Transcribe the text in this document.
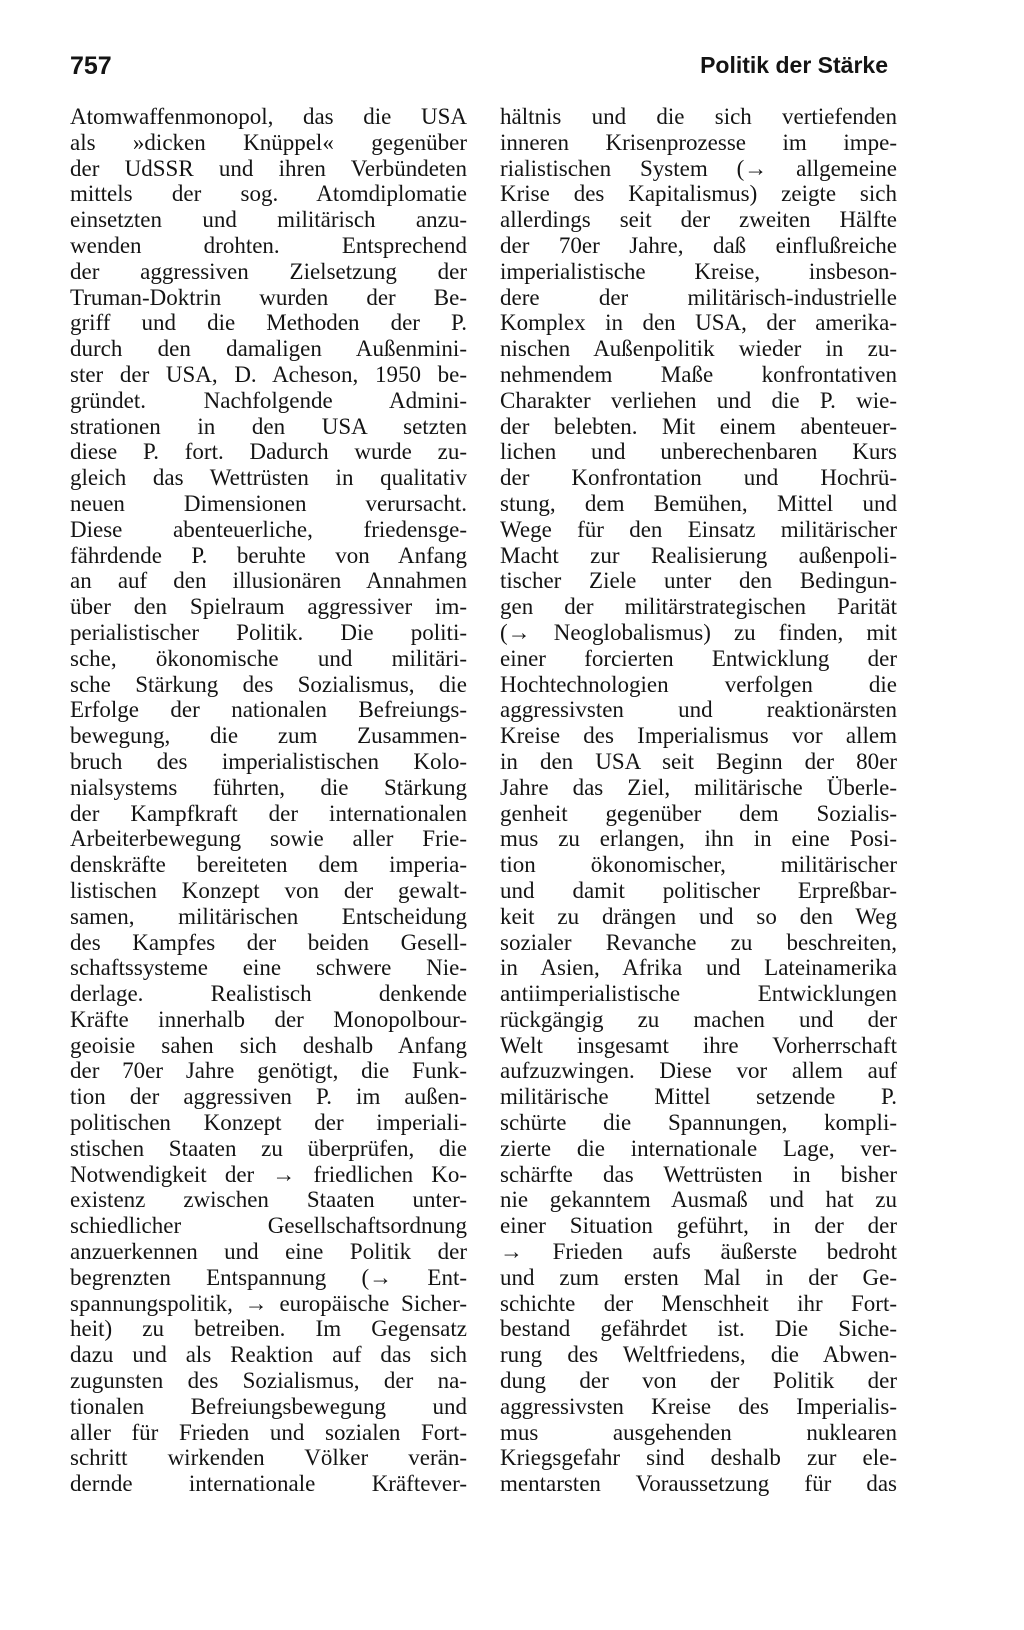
757	Politik der Stärke
Atomwaffenmonopol, das die USA
als »dicken Knüppel« gegenüber
der UdSSR und ihren Verbündeten
mittels der sog. Atomdiplomatie
einsetzten und militärisch anzu-
wenden drohten. Entsprechend
der aggressiven Zielsetzung der
Truman-Doktrin wurden der Be-
griff und die Methoden der P.
durch den damaligen Außenmini-
ster der USA, D. Acheson, 1950 be-
gründet. Nachfolgende Admini-
strationen in den USA setzten
diese P. fort. Dadurch wurde zu-
gleich das Wettrüsten in qualitativ
neuen Dimensionen verursacht.
Diese abenteuerliche, friedensge-
fährdende P. beruhte von Anfang
an auf den illusionären Annahmen
über den Spielraum aggressiver im-
perialistischer Politik. Die politi-
sche, ökonomische und militäri-
sche Stärkung des Sozialismus, die
Erfolge der nationalen Befreiungs-
bewegung, die zum Zusammen-
bruch des imperialistischen Kolo-
nialsystems führten, die Stärkung
der Kampfkraft der internationalen
Arbeiterbewegung sowie aller Frie-
denskräfte bereiteten dem imperia-
listischen Konzept von der gewalt-
samen, militärischen Entscheidung
des Kampfes der beiden Gesell-
schaftssysteme eine schwere Nie-
derlage. Realistisch denkende
Kräfte innerhalb der Monopolbour-
geoisie sahen sich deshalb Anfang
der 70er Jahre genötigt, die Funk-
tion der aggressiven P. im außen-
politischen Konzept der imperiali-
stischen Staaten zu überprüfen, die
Notwendigkeit der → friedlichen Ko-
existenz zwischen Staaten unter-
schiedlicher Gesellschaftsordnung
anzuerkennen und eine Politik der
begrenzten Entspannung (→ Ent-
spannungspolitik, → europäische Sicher-
heit) zu betreiben. Im Gegensatz
dazu und als Reaktion auf das sich
zugunsten des Sozialismus, der na-
tionalen Befreiungsbewegung und
aller für Frieden und sozialen Fort-
schritt wirkenden Völker verän-
dernde internationale Kräftever-
hältnis und die sich vertiefenden
inneren Krisenprozesse im impe-
rialistischen System (→ allgemeine
Krise des Kapitalismus) zeigte sich
allerdings seit der zweiten Hälfte
der 70er Jahre, daß einflußreiche
imperialistische Kreise, insbeson-
dere der militärisch-industrielle
Komplex in den USA, der amerika-
nischen Außenpolitik wieder in zu-
nehmendem Maße konfrontativen
Charakter verliehen und die P. wie-
der belebten. Mit einem abenteuer-
lichen und unberechenbaren Kurs
der Konfrontation und Hochrü-
stung, dem Bemühen, Mittel und
Wege für den Einsatz militärischer
Macht zur Realisierung außenpoli-
tischer Ziele unter den Bedingun-
gen der militärstrategischen Parität
(→ Neoglobalismus) zu finden, mit
einer forcierten Entwicklung der
Hochtechnologien verfolgen die
aggressivsten und reaktionärsten
Kreise des Imperialismus vor allem
in den USA seit Beginn der 80er
Jahre das Ziel, militärische Überle-
genheit gegenüber dem Sozialis-
mus zu erlangen, ihn in eine Posi-
tion ökonomischer, militärischer
und damit politischer Erpreßbar-
keit zu drängen und so den Weg
sozialer Revanche zu beschreiten,
in Asien, Afrika und Lateinamerika
antiimperialistische Entwicklungen
rückgängig zu machen und der
Welt insgesamt ihre Vorherrschaft
aufzuzwingen. Diese vor allem auf
militärische Mittel setzende P.
schürte die Spannungen, kompli-
zierte die internationale Lage, ver-
schärfte das Wettrüsten in bisher
nie gekanntem Ausmaß und hat zu
einer Situation geführt, in der der
→ Frieden aufs äußerste bedroht
und zum ersten Mal in der Ge-
schichte der Menschheit ihr Fort-
bestand gefährdet ist. Die Siche-
rung des Weltfriedens, die Abwen-
dung der von der Politik der
aggressivsten Kreise des Imperialis-
mus ausgehenden nuklearen
Kriegsgefahr sind deshalb zur ele-
mentarsten Voraussetzung für das
